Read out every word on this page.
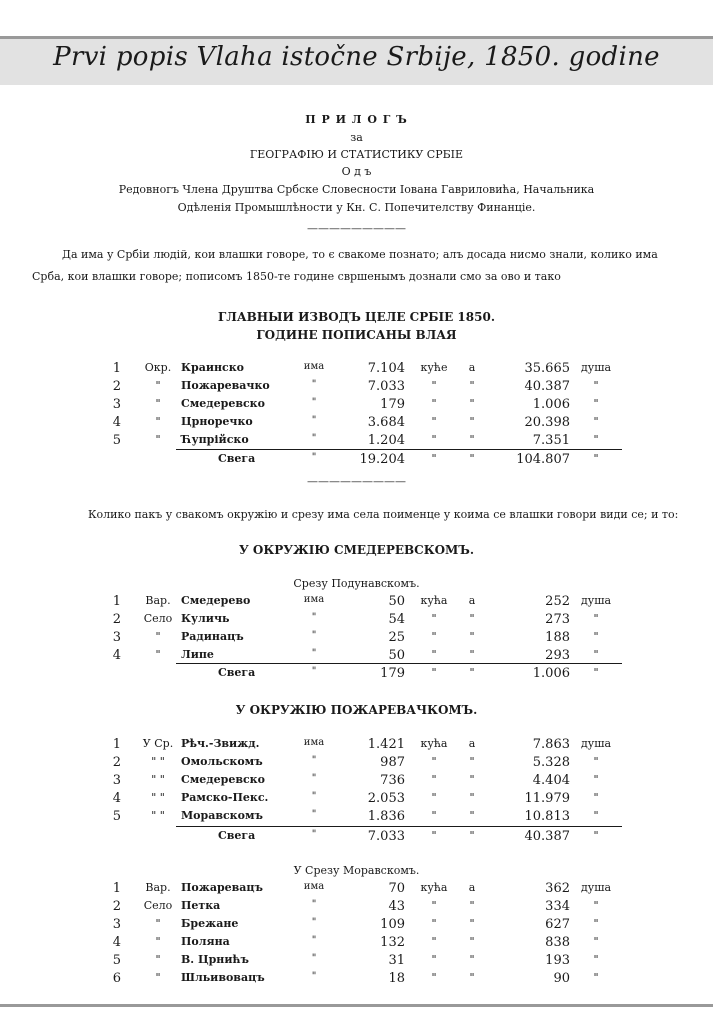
Prvi popis Vlaha istočne Srbije, 1850. godine
П Р И Л О Г Ъ
за
ГЕОГРАФІЮ И СТАТИСТИКУ СРБІЕ
О д ъ
Редовногъ Члена Друштва Србске Словесности Іована Гавриловића, Начальника
Одѣленія Промышлѣности у Кн. С. Попечителству Финанціе.
—————————
Да има у Србіи людій, кои влашки говоре, то є свакоме познато; алъ досада нисмо знали, колико има
Срба, кои влашки говоре; пописомъ 1850-те године свршенымъ дознали смо за ово и тако
ГЛАВНЫИ ИЗВОДЪ ЦЕЛЕ СРБІЕ 1850.
ГОДИНЕ ПОПИСАНЫ ВЛАЯ
1	Окр. Краинско	има	7.104	куће	а	35.665 душа
2	"	Пожаревачко	"	7.033	"	"	40.387	"
3	"	Смедеревско	"	179	"	"	1.006	"
4	"	Црноречко	"	3.684	"	"	20.398	"
5	"	Ћупрійско	"	1.204	"	"	7.351	"
Свега	"	19.204	"	"	104.807	"
—————————
Колико пакъ у свакомъ окружію и срезу има села поименце у коима се влашки говори види се; и то:
У ОКРУЖІЮ СМЕДЕРЕВСКОМЪ.
Срезу Подунавскомъ.
1	Вар. Смедерево	има	50	кућа	а	252 душа
2	Село Куличь	"	54	"	"	273	"
3	"	Радинацъ	"	25	"	"	188	"
4	"	Липе	"	50	"	"	293	"
Свега	"	179	"	"	1.006	"
У ОКРУЖІЮ ПОЖАРЕВАЧКОМЪ.
1	У Ср. Рѣч.-Звижд.	има	1.421	кућа	а	7.863 душа
2	" "	Омольскомъ	"	987	"	"	5.328	"
3	" "	Смедеревско	"	736	"	"	4.404	"
4	" "	Рамско-Пекс.	"	2.053	"	"	11.979	"
5	" "	Моравскомъ	"	1.836	"	"	10.813	"
Свега	"	7.033	"	"	40.387	"
У Срезу Моравскомъ.
1	Вар. Пожаревацъ	има	70	кућа	а	362 душа
2	Село Петка	"	43	"	"	334	"
3	"	Брежане	"	109	"	"	627	"
4	"	Поляна	"	132	"	"	838	"
5	"	В. Црнићъ	"	31	"	"	193	"
6	"	Шльивовацъ	"	18	"	"	90	"
